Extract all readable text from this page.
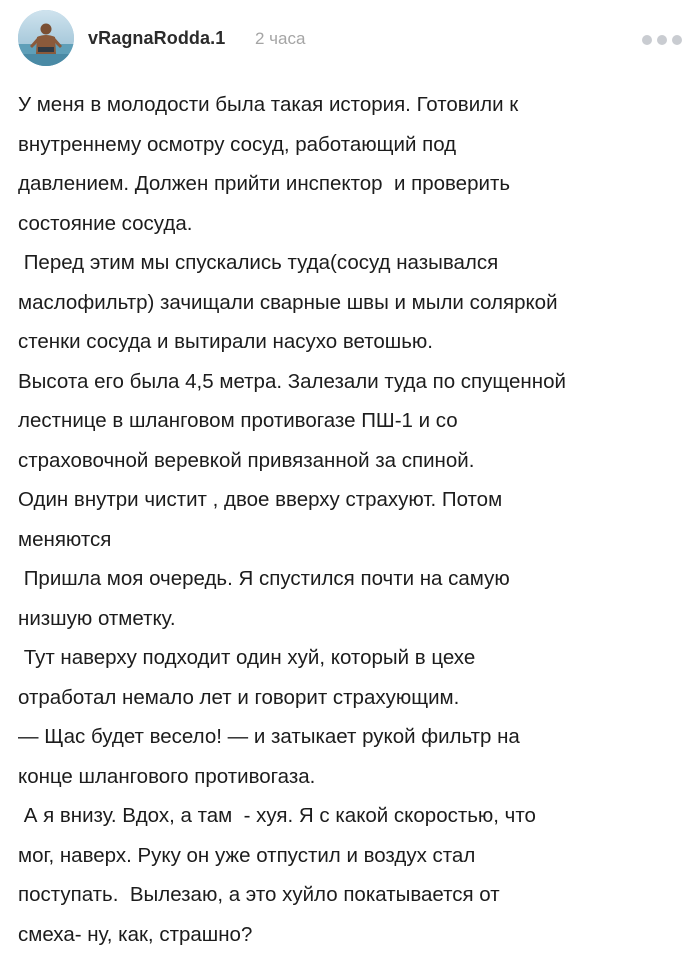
vRagnaRodda.1 2 часа
У меня в молодости была такая история. Готовили к
внутреннему осмотру сосуд, работающий под
давлением. Должен прийти инспектор  и проверить
состояние сосуда.
Перед этим мы спускались туда(сосуд назывался
маслофильтр) зачищали сварные швы и мыли соляркой
стенки сосуда и вытирали насухо ветошью.
Высота его была 4,5 метра. Залезали туда по спущенной
лестнице в шланговом противогазе ПШ-1 и со
страховочной веревкой привязанной за спиной.
Один внутри чистит , двое вверху страхуют. Потом
меняются
Пришла моя очередь. Я спустился почти на самую
низшую отметку.
Тут наверху подходит один хуй, который в цехе
отработал немало лет и говорит страхующим.
— Щас будет весело! — и затыкает рукой фильтр на
конце шлангового противогаза.
А я внизу. Вдох, а там  - хуя. Я с какой скоростью, что
мог, наверх. Руку он уже отпустил и воздух стал
поступать.  Вылезаю, а это хуйло покатывается от
смеха- ну, как, страшно?
